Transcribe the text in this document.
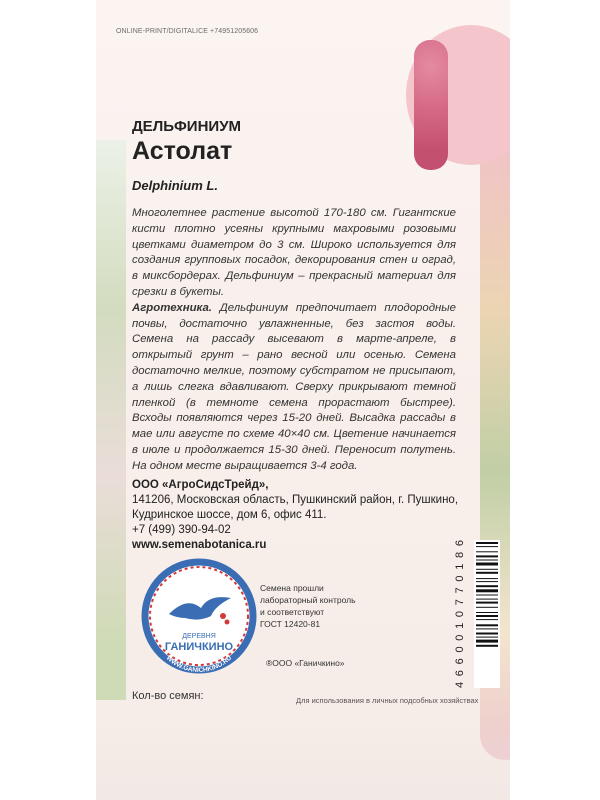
ONLINE-PRINT/DIGITALICE +74951205606
ДЕЛЬФИНИУМ
Астолат
Delphinium L.
Многолетнее растение высотой 170-180 см. Гигантские кисти плотно усеяны крупными махровыми розовыми цветками диаметром до 3 см. Широко используется для создания групповых посадок, декорирования стен и оград, в миксбордерах. Дельфиниум – прекрасный материал для срезки в букеты.
Агротехника. Дельфиниум предпочитает плодородные почвы, достаточно увлажненные, без застоя воды. Семена на рассаду высевают в марте-апреле, в открытый грунт – рано весной или осенью. Семена достаточно мелкие, поэтому субстратом не присыпают, а лишь слегка вдавливают. Сверху прикрывают темной пленкой (в темноте семена прорастают быстрее). Всходы появляются через 15-20 дней. Высадка рассады в мае или августе по схеме 40×40 см. Цветение начинается в июле и продолжается 15-30 дней. Переносит полутень. На одном месте выращивается 3-4 года.
ООО «АгроСидсТрейд»,
141206, Московская область, Пушкинский район, г. Пушкино,
Кудринское шоссе, дом 6, офис 411.
+7 (499) 390-94-02
www.semenabotanica.ru
ДЕРЕВНЯ
ГАНИЧКИНО
WWW.GANICHKINO.RU
Семена прошли
лабораторный контроль
и соответствуют
ГОСТ 12420-81
®ООО «Ганичкино»
4660010770186
Кол-во семян:	Для использования в личных подсобных хозяйствах
